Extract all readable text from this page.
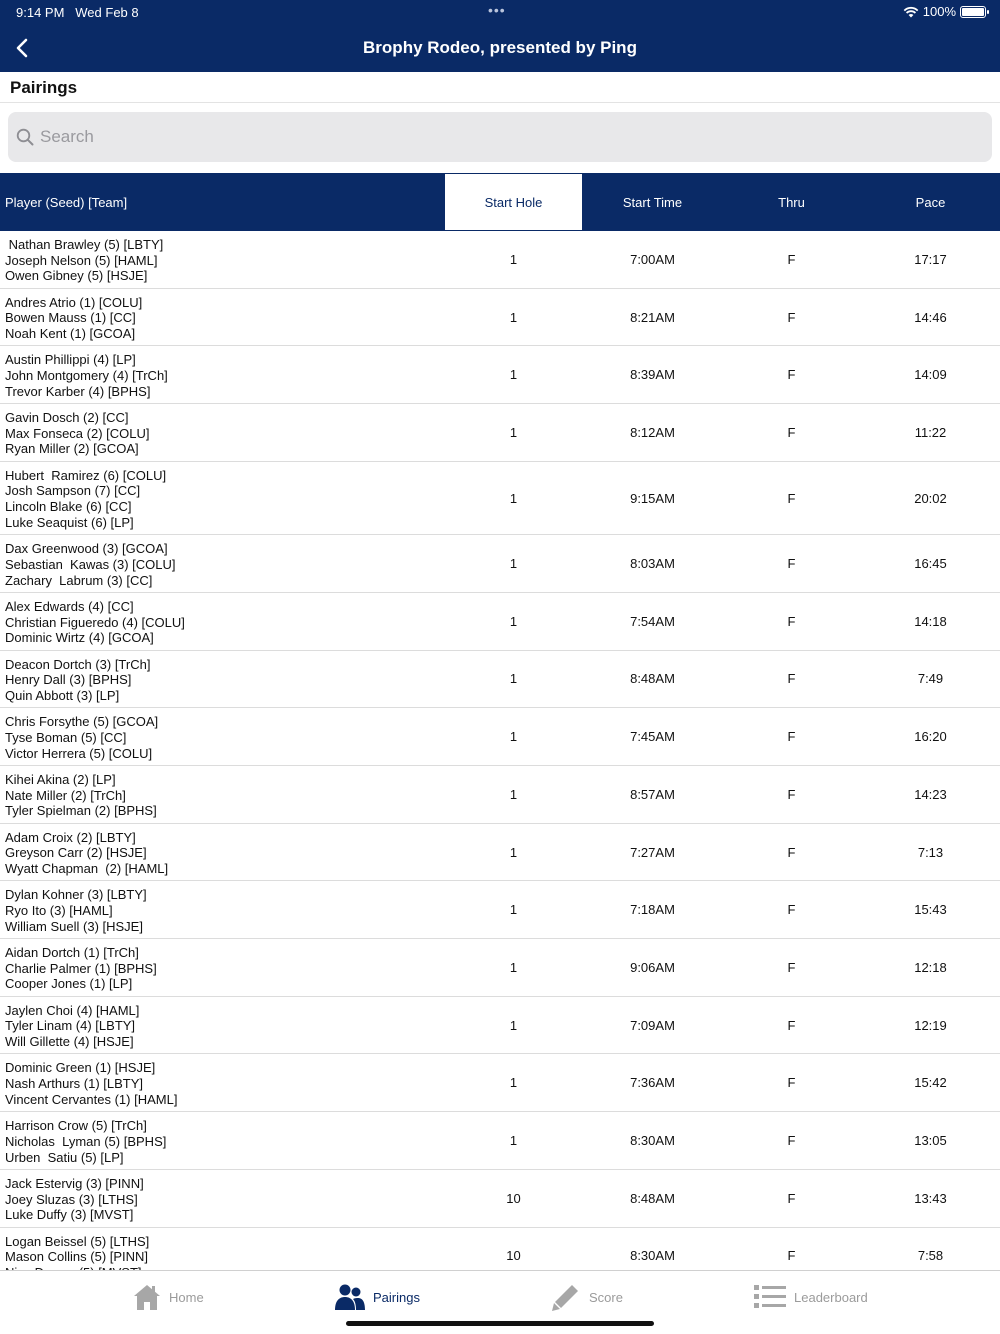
9:14 PM Wed Feb 8	•••	100%
Brophy Rodeo, presented by Ping
Pairings
Search
Player (Seed) [Team]	Start Hole	Start Time	Thru	Pace
Nathan Brawley (5) [LBTY]
Joseph Nelson (5) [HAML]
Owen Gibney (5) [HSJE]
1	7:00AM	F	17:17
Andres Atrio (1) [COLU]
Bowen Mauss (1) [CC]
Noah Kent (1) [GCOA]
1	8:21AM	F	14:46
Austin Phillippi (4) [LP]
John Montgomery (4) [TrCh]
Trevor Karber (4) [BPHS]
1	8:39AM	F	14:09
Gavin Dosch (2) [CC]
Max Fonseca (2) [COLU]
Ryan Miller (2) [GCOA]
1	8:12AM	F	11:22
Hubert  Ramirez (6) [COLU]
Josh Sampson (7) [CC]
Lincoln Blake (6) [CC]
Luke Seaquist (6) [LP]
1	9:15AM	F	20:02
Dax Greenwood (3) [GCOA]
Sebastian  Kawas (3) [COLU]
Zachary  Labrum (3) [CC]
1	8:03AM	F	16:45
Alex Edwards (4) [CC]
Christian Figueredo (4) [COLU]
Dominic Wirtz (4) [GCOA]
1	7:54AM	F	14:18
Deacon Dortch (3) [TrCh]
Henry Dall (3) [BPHS]
Quin Abbott (3) [LP]
1	8:48AM	F	7:49
Chris Forsythe (5) [GCOA]
Tyse Boman (5) [CC]
Victor Herrera (5) [COLU]
1	7:45AM	F	16:20
Kihei Akina (2) [LP]
Nate Miller (2) [TrCh]
Tyler Spielman (2) [BPHS]
1	8:57AM	F	14:23
Adam Croix (2) [LBTY]
Greyson Carr (2) [HSJE]
Wyatt Chapman  (2) [HAML]
1	7:27AM	F	7:13
Dylan Kohner (3) [LBTY]
Ryo Ito (3) [HAML]
William Suell (3) [HSJE]
1	7:18AM	F	15:43
Aidan Dortch (1) [TrCh]
Charlie Palmer (1) [BPHS]
Cooper Jones (1) [LP]
1	9:06AM	F	12:18
Jaylen Choi (4) [HAML]
Tyler Linam (4) [LBTY]
Will Gillette (4) [HSJE]
1	7:09AM	F	12:19
Dominic Green (1) [HSJE]
Nash Arthurs (1) [LBTY]
Vincent Cervantes (1) [HAML]
1	7:36AM	F	15:42
Harrison Crow (5) [TrCh]
Nicholas  Lyman (5) [BPHS]
Urben  Satiu (5) [LP]
1	8:30AM	F	13:05
Jack Estervig (3) [PINN]
Joey Sluzas (3) [LTHS]
Luke Duffy (3) [MVST]
10	8:48AM	F	13:43
Logan Beissel (5) [LTHS]
Mason Collins (5) [PINN]	10	8:30AM	F	7:58
Home	Pairings	Score	Leaderboard
